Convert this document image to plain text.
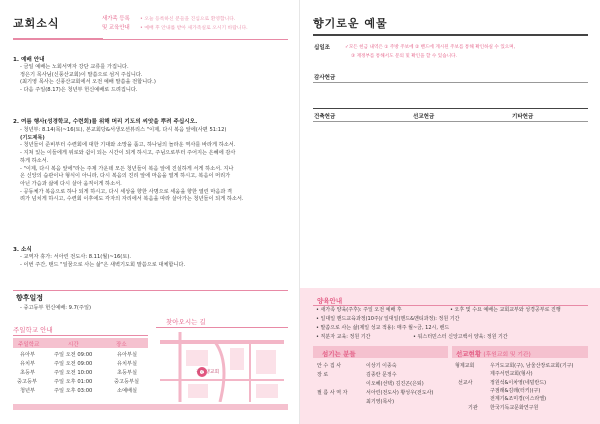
교회소식	새가족 등록
및 교육안내
• 오늘 등록하신 분들을 진심으로 환영합니다.
• 예배 후 안내를 받아 새가족실로 오시기 바랍니다.
1. 예배 안내
- 금일 예배는 노회서역자 강단 교류를 가집니다.
정은기 목사님(신풍산교회)이 말씀으로 섬겨 주십니다.
(최기영 목사는 신풍산교회에서 오전 예배 말씀을 전합니다.)
- 다음 주일(8.17)은 청년부 헌신예배로 드려집니다.
2. 여름 행사(성경학교, 수련회)를 위해 머리 기도의 씨앗을 뿌려 주십시오.
- 청년부: 8.14(목)~16(토), 본교회당&서생오션뷰리스 "이제, 다시 복음 앞에(사편 51:12)
(기도제목)
- 청년들이 준비부터 수련회에 대한 기대와 소망을 품고, 하나님의 놀라운 역사를 바라게 하소서.
- 지쳐 있는 이들에게 위로와 쉼이 되는 시간이 되게 하시고, 주님으로부터 주어지는 은혜에 감사
하게 하소서.
- "이제, 다시 복음 앞에"라는 주제 가운데 모든 청년들이 복음 앞에 진실하게 서게 하소서. 지나
온 신앙의 습관이나 형식이 아니라, 다시 복음의 진리 앞에 마음을 열게 하시고, 복음이 머리가
아닌 가슴과 삶에 다시 살아 움직이게 하소서.
- 공동체가 복음으로 하나 되게 하시고, 다시 세상을 향한 사명으로 세움을 향한 열린 마음과 격
려가 넘치게 하시고, 수련회 이후에도 각자의 자리에서 복음을 따라 살아가는 청년들이 되게 하소서.
3. 소식
- 교역자 휴가: 서아린 전도사: 8.11(월)~16(토).
- 이번 주간, 탠드 "일꿈으로 사는 삶"은 새벽기도회 말씀으로 대체합니다.
향후일정
- 중고등부 헌신예배: 9.7(주일)
주일학교 안내
주일학교	시간	장소
유아부	주일 오전 09:00	유아부실
유치부	주일 오전 09:00	유치부실
초등부	주일 오전 10:00	초등부실
중고등부	주일 오후 01:00	중고등부실
청년부	주일 오후 03:00	소예배실
찾아오시는 길
길은생교회
향기로운 예물
십일조	✓모든 헌금 내역은 ① 주방 주보에 ② 밴드에 게시된 주보를 통해 확인하실 수 있으며,
③ 재정부를 통해서도 문의 및 확인을 할 수 있습니다.
감사헌금
건축헌금	선교헌금	기타헌금
양육안내
• 새가족 양육(주후): 주일 오전 예배 후	• 오후 및 수요 예배는 교회교부와 성경공부로 진행
• 일대일 핸드교육과정(10주)/ 일대일(핸드&멘티과정): 정원 기간
• 말씀으로 사는 삶(제일 성교 적용): 매주 월~금, 12시, 밴드
• 직분자 교육: 정원 기간	• 워스터민스터 신앙고백서 양육: 정원 기간
섬기는 분들
안 수 집 사	이상기 이종숙
장 로	김종란 문정수
이오혜(선택) 김진곤(은퇴)
필 름 사 역 자	서아린(전도사) 황성우(전도사)
최기영(목사)
선교현황 (후원교회 및 기관)
형제교회	우거도교회(구), 남울산장로교회(기구)
제주서연교회(형사)
선교사	정원석&이차영(네덜란드)
구점래&김래(터키)(구)
전계기&조미경(이스라엘)
기관 한국기독교문화연구원
